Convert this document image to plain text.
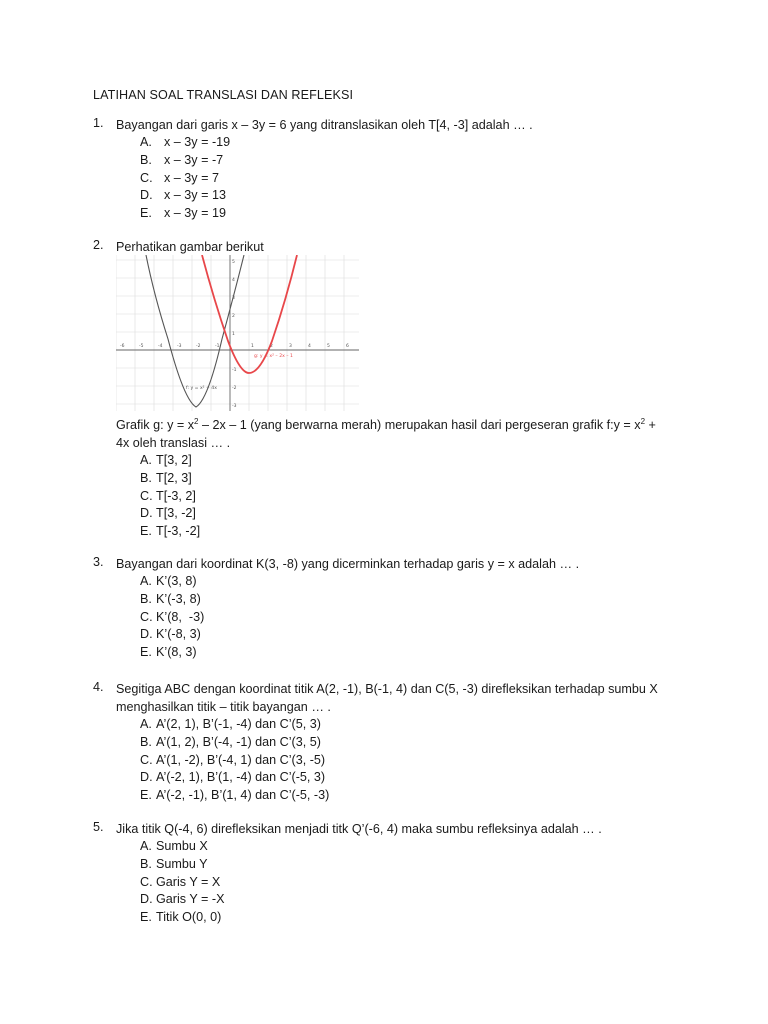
LATIHAN SOAL TRANSLASI DAN REFLEKSI
1. Bayangan dari garis x – 3y = 6 yang ditranslasikan oleh T[4, -3] adalah … .
A. x – 3y = -19
B. x – 3y = -7
C. x – 3y = 7
D. x – 3y = 13
E. x – 3y = 19
2. Perhatikan gambar berikut
-6	-5	-4	-3	-2	-1	1	2	3	4	5	6
5
4
3
2
1
-1
-2
-3
g: y = x² – 2x – 1
f: y = x² + 4x
Grafik g: $y = x^2 - 2x - 1$ (yang berwarna merah) merupakan hasil dari pergeseran grafik f:y = $x^2$ +
4x oleh translasi … .
A. T[3, 2]
B. T[2, 3]
C. T[-3, 2]
D. T[3, -2]
E. T[-3, -2]
3. Bayangan dari koordinat K(3, -8) yang dicerminkan terhadap garis y = x adalah … .
A. K’(3, 8)
B. K’(-3, 8)
C. K’(8,  -3)
D. K’(-8, 3)
E. K’(8, 3)
4. Segitiga ABC dengan koordinat titik A(2, -1), B(-1, 4) dan C(5, -3) direfleksikan terhadap sumbu X menghasilkan titik – titik bayangan … .
A. A’(2, 1), B’(-1, -4) dan C’(5, 3)
B. A’(1, 2), B’(-4, -1) dan C’(3, 5)
C. A’(1, -2), B’(-4, 1) dan C’(3, -5)
D. A’(-2, 1), B’(1, -4) dan C’(-5, 3)
E. A’(-2, -1), B’(1, 4) dan C’(-5, -3)
5. Jika titik Q(-4, 6) direfleksikan menjadi titk Q’(-6, 4) maka sumbu refleksinya adalah … .
A. Sumbu X
B. Sumbu Y
C. Garis Y = X
D. Garis Y = -X
E. Titik O(0, 0)
